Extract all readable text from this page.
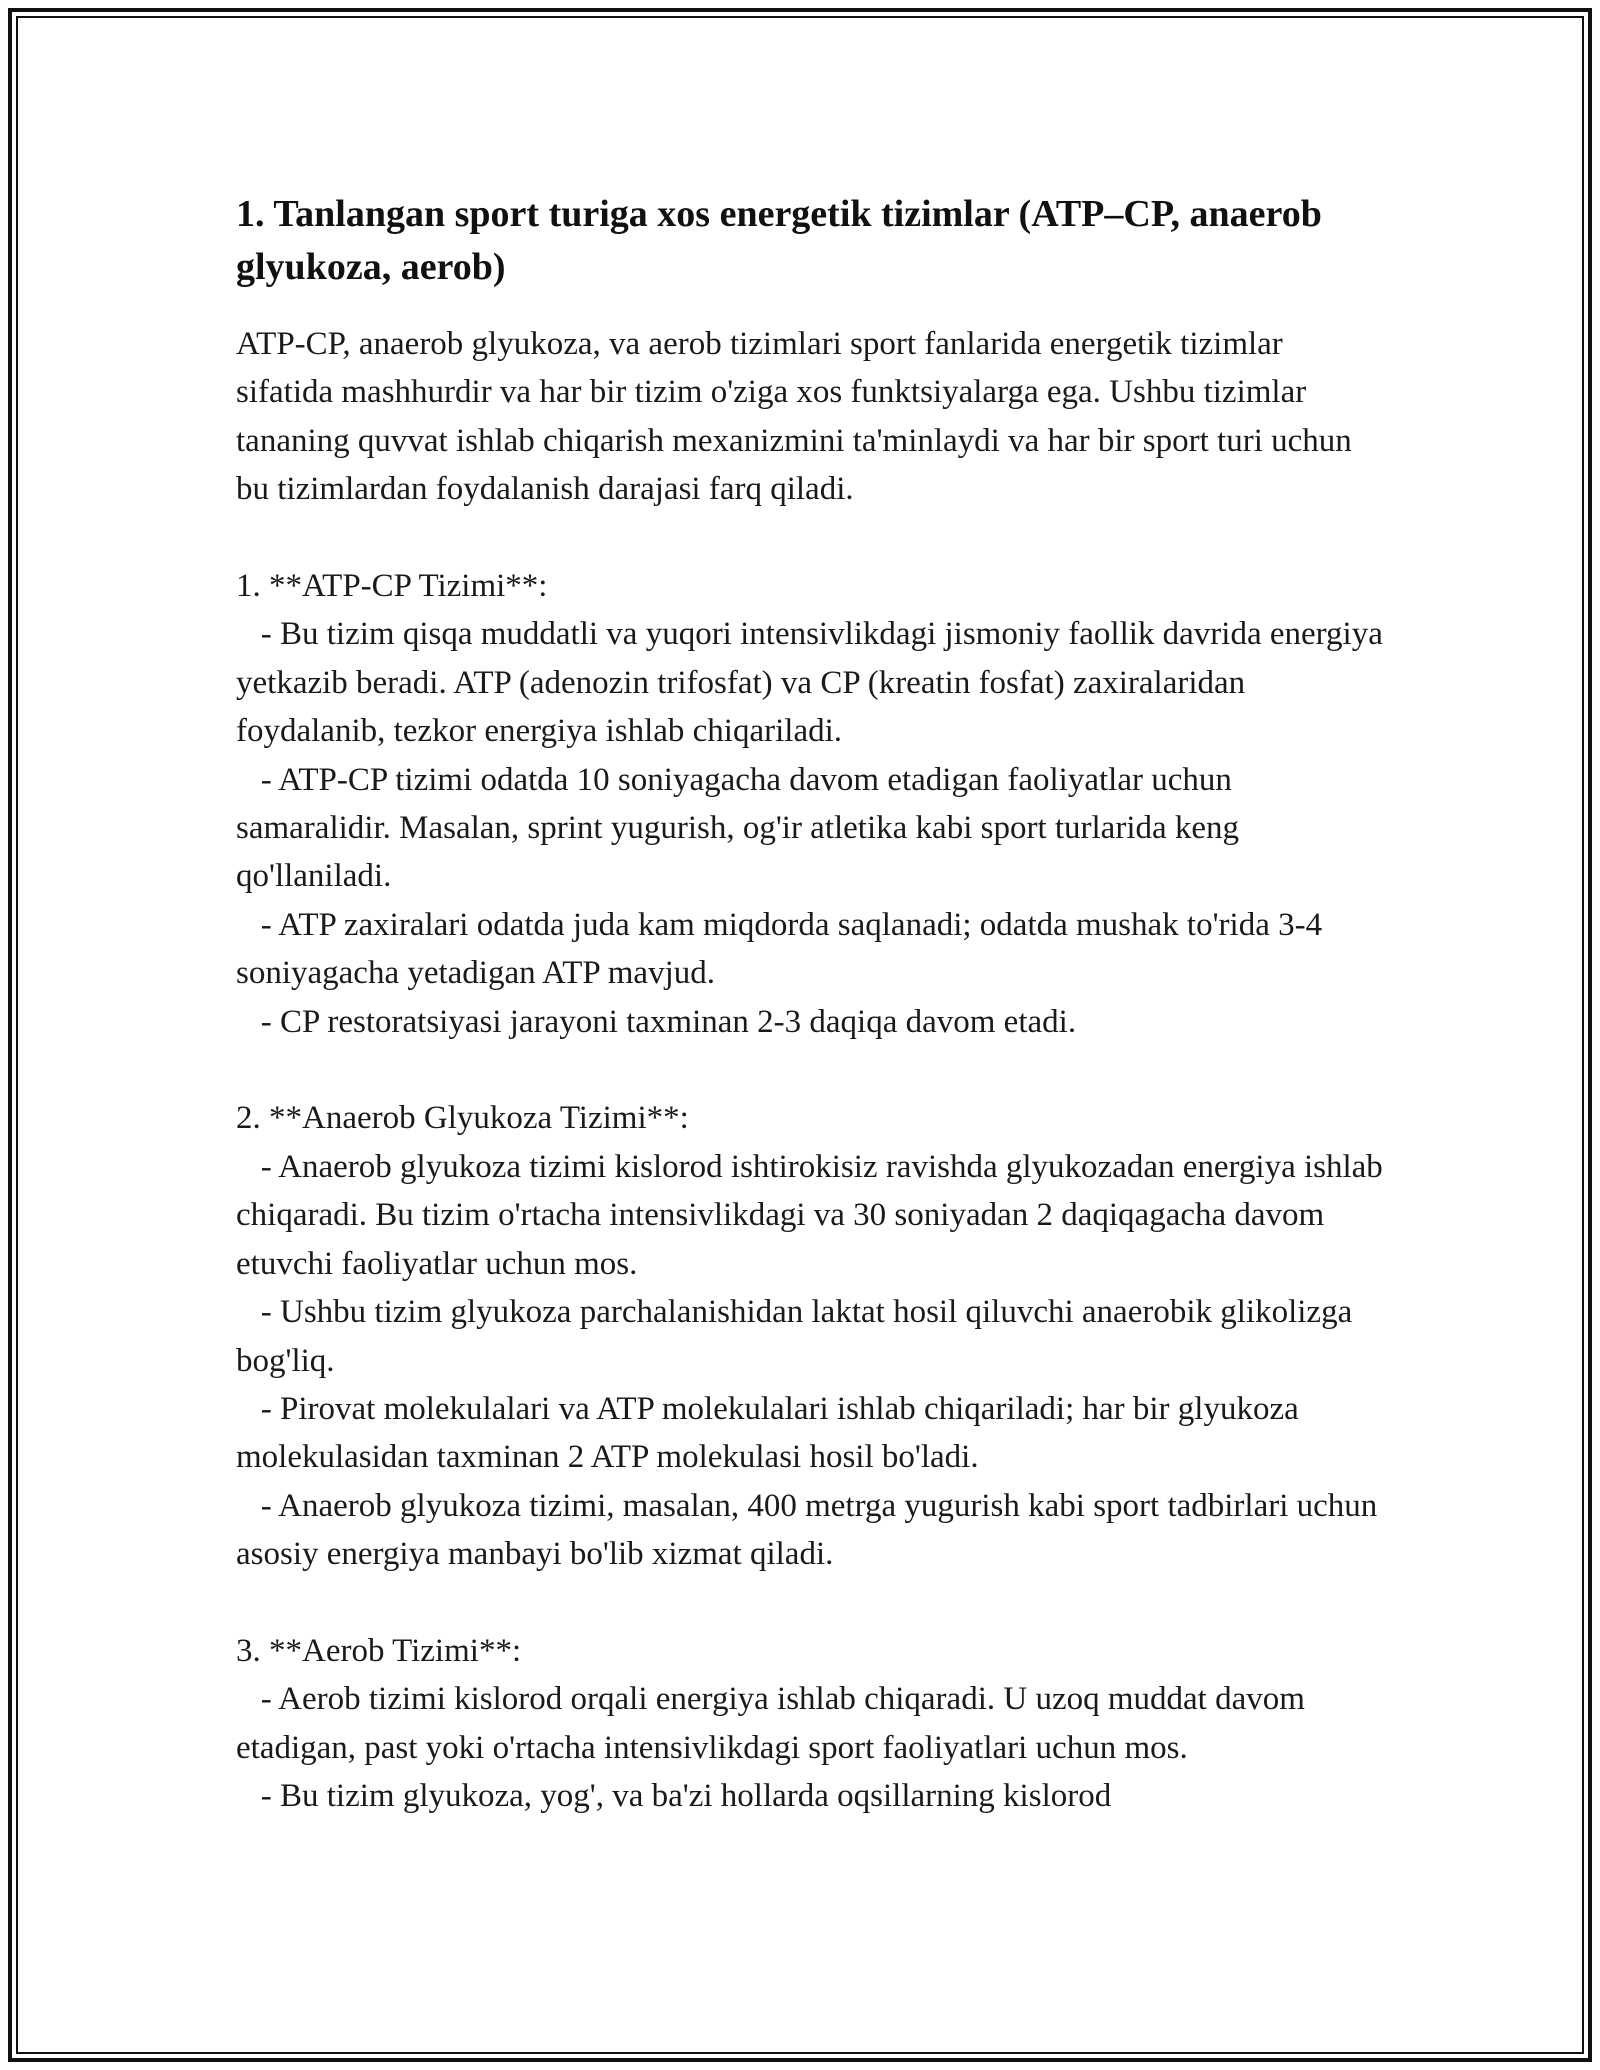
1. Tanlangan sport turiga xos energetik tizimlar (ATP–CP, anaerob glyukoza, aerob)

ATP-CP, anaerob glyukoza, va aerob tizimlari sport fanlarida energetik tizimlar sifatida mashhurdir va har bir tizim o'ziga xos funktsiyalarga ega. Ushbu tizimlar tananing quvvat ishlab chiqarish mexanizmini ta'minlaydi va har bir sport turi uchun bu tizimlardan foydalanish darajasi farq qiladi.

1. **ATP-CP Tizimi**:

- Bu tizim qisqa muddatli va yuqori intensivlikdagi jismoniy faollik davrida energiya yetkazib beradi. ATP (adenozin trifosfat) va CP (kreatin fosfat) zaxiralaridan foydalanib, tezkor energiya ishlab chiqariladi.

- ATP-CP tizimi odatda 10 soniyagacha davom etadigan faoliyatlar uchun samaralidir. Masalan, sprint yugurish, og'ir atletika kabi sport turlarida keng qo'llaniladi.

- ATP zaxiralari odatda juda kam miqdorda saqlanadi; odatda mushak to'rida 3-4 soniyagacha yetadigan ATP mavjud.

- CP restoratsiyasi jarayoni taxminan 2-3 daqiqa davom etadi.

2. **Anaerob Glyukoza Tizimi**:

- Anaerob glyukoza tizimi kislorod ishtirokisiz ravishda glyukozadan energiya ishlab chiqaradi. Bu tizim o'rtacha intensivlikdagi va 30 soniyadan 2 daqiqagacha davom etuvchi faoliyatlar uchun mos.

- Ushbu tizim glyukoza parchalanishidan laktat hosil qiluvchi anaerobik glikolizga bog'liq.

- Pirovat molekulalari va ATP molekulalari ishlab chiqariladi; har bir glyukoza molekulasidan taxminan 2 ATP molekulasi hosil bo'ladi.

- Anaerob glyukoza tizimi, masalan, 400 metrga yugurish kabi sport tadbirlari uchun asosiy energiya manbayi bo'lib xizmat qiladi.

3. **Aerob Tizimi**:

- Aerob tizimi kislorod orqali energiya ishlab chiqaradi. U uzoq muddat davom etadigan, past yoki o'rtacha intensivlikdagi sport faoliyatlari uchun mos.

- Bu tizim glyukoza, yog', va ba'zi hollarda oqsillarning kislorod
